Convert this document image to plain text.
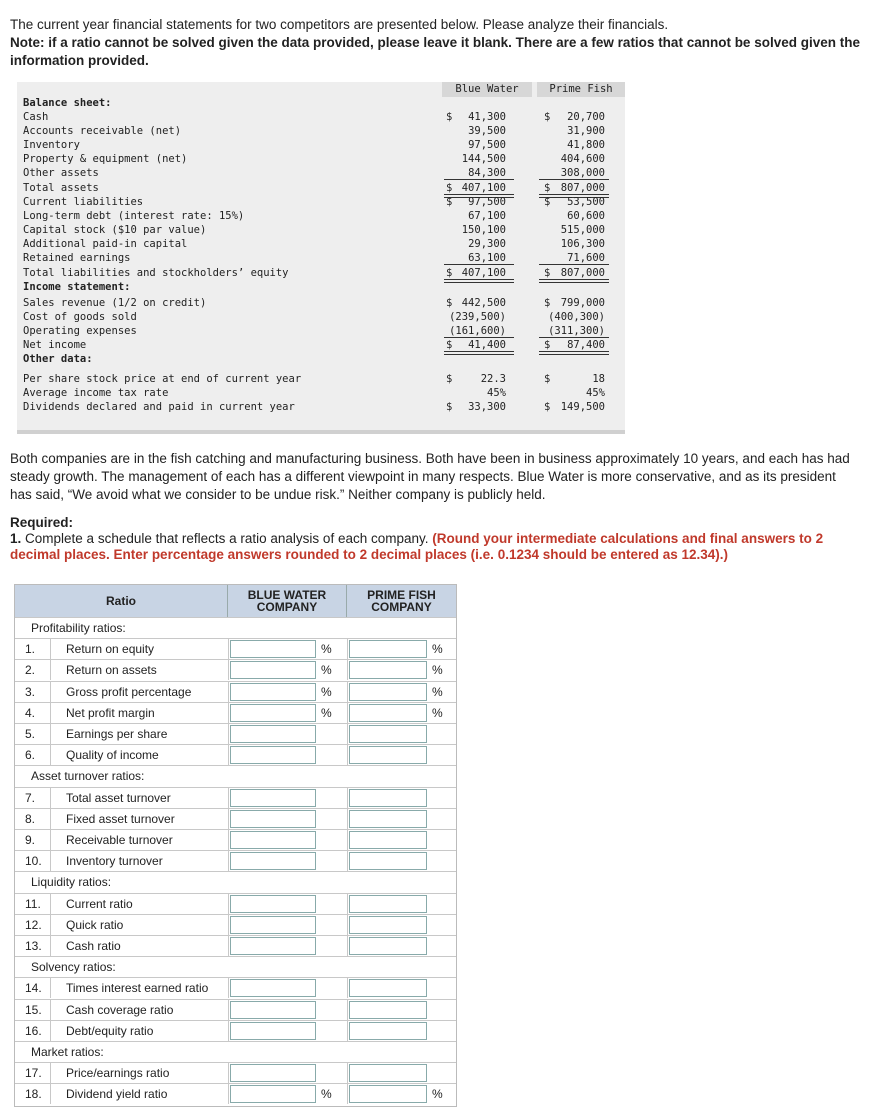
The current year financial statements for two competitors are presented below. Please analyze their financials.
Note: if a ratio cannot be solved given the data provided, please leave it blank. There are a few ratios that cannot be solved given the information provided.
Blue Water	Prime Fish
Balance sheet:
Cash	$	41,300	$	20,700
Accounts receivable (net)	39,500	31,900
Inventory	97,500	41,800
Property & equipment (net)	144,500	404,600
Other assets	84,300	308,000
Total assets	$ 407,100	$ 807,000
Current liabilities	$	97,500	$	53,500
Long-term debt (interest rate: 15%)	67,100	60,600
Capital stock ($10 par value)	150,100	515,000
Additional paid-in capital	29,300	106,300
Retained earnings	63,100	71,600
Total liabilities and stockholders’ equity	$ 407,100	$ 807,000
Income statement:
Sales revenue (1/2 on credit)	$ 442,500	$ 799,000
Cost of goods sold	(239,500)	(400,300)
Operating expenses	(161,600)	(311,300)
Net income	$	41,400	$	87,400
Other data:
Per share stock price at end of current year	$	22.3	$	18
Average income tax rate	45%	45%
Dividends declared and paid in current year	$	33,300	$ 149,500
Both companies are in the fish catching and manufacturing business. Both have been in business approximately 10 years, and each has had steady growth. The management of each has a different viewpoint in many respects. Blue Water is more conservative, and as its president has said, “We avoid what we consider to be undue risk.” Neither company is publicly held.
Required:
1. Complete a schedule that reflects a ratio analysis of each company. (Round your intermediate calculations and final answers to 2 decimal places. Enter percentage answers rounded to 2 decimal places (i.e. 0.1234 should be entered as 12.34).)
Ratio	BLUE WATER
COMPANY
PRIME FISH
COMPANY
Profitability ratios:
1.	Return on equity	%	%
2.	Return on assets	%	%
3.	Gross profit percentage	%	%
4.	Net profit margin	%	%
5.	Earnings per share
6.	Quality of income
Asset turnover ratios:
7.	Total asset turnover
8.	Fixed asset turnover
9.	Receivable turnover
10.	Inventory turnover
Liquidity ratios:
11.	Current ratio
12.	Quick ratio
13.	Cash ratio
Solvency ratios:
14.	Times interest earned ratio
15.	Cash coverage ratio
16.	Debt/equity ratio
Market ratios:
17.	Price/earnings ratio
18.	Dividend yield ratio	%	%
